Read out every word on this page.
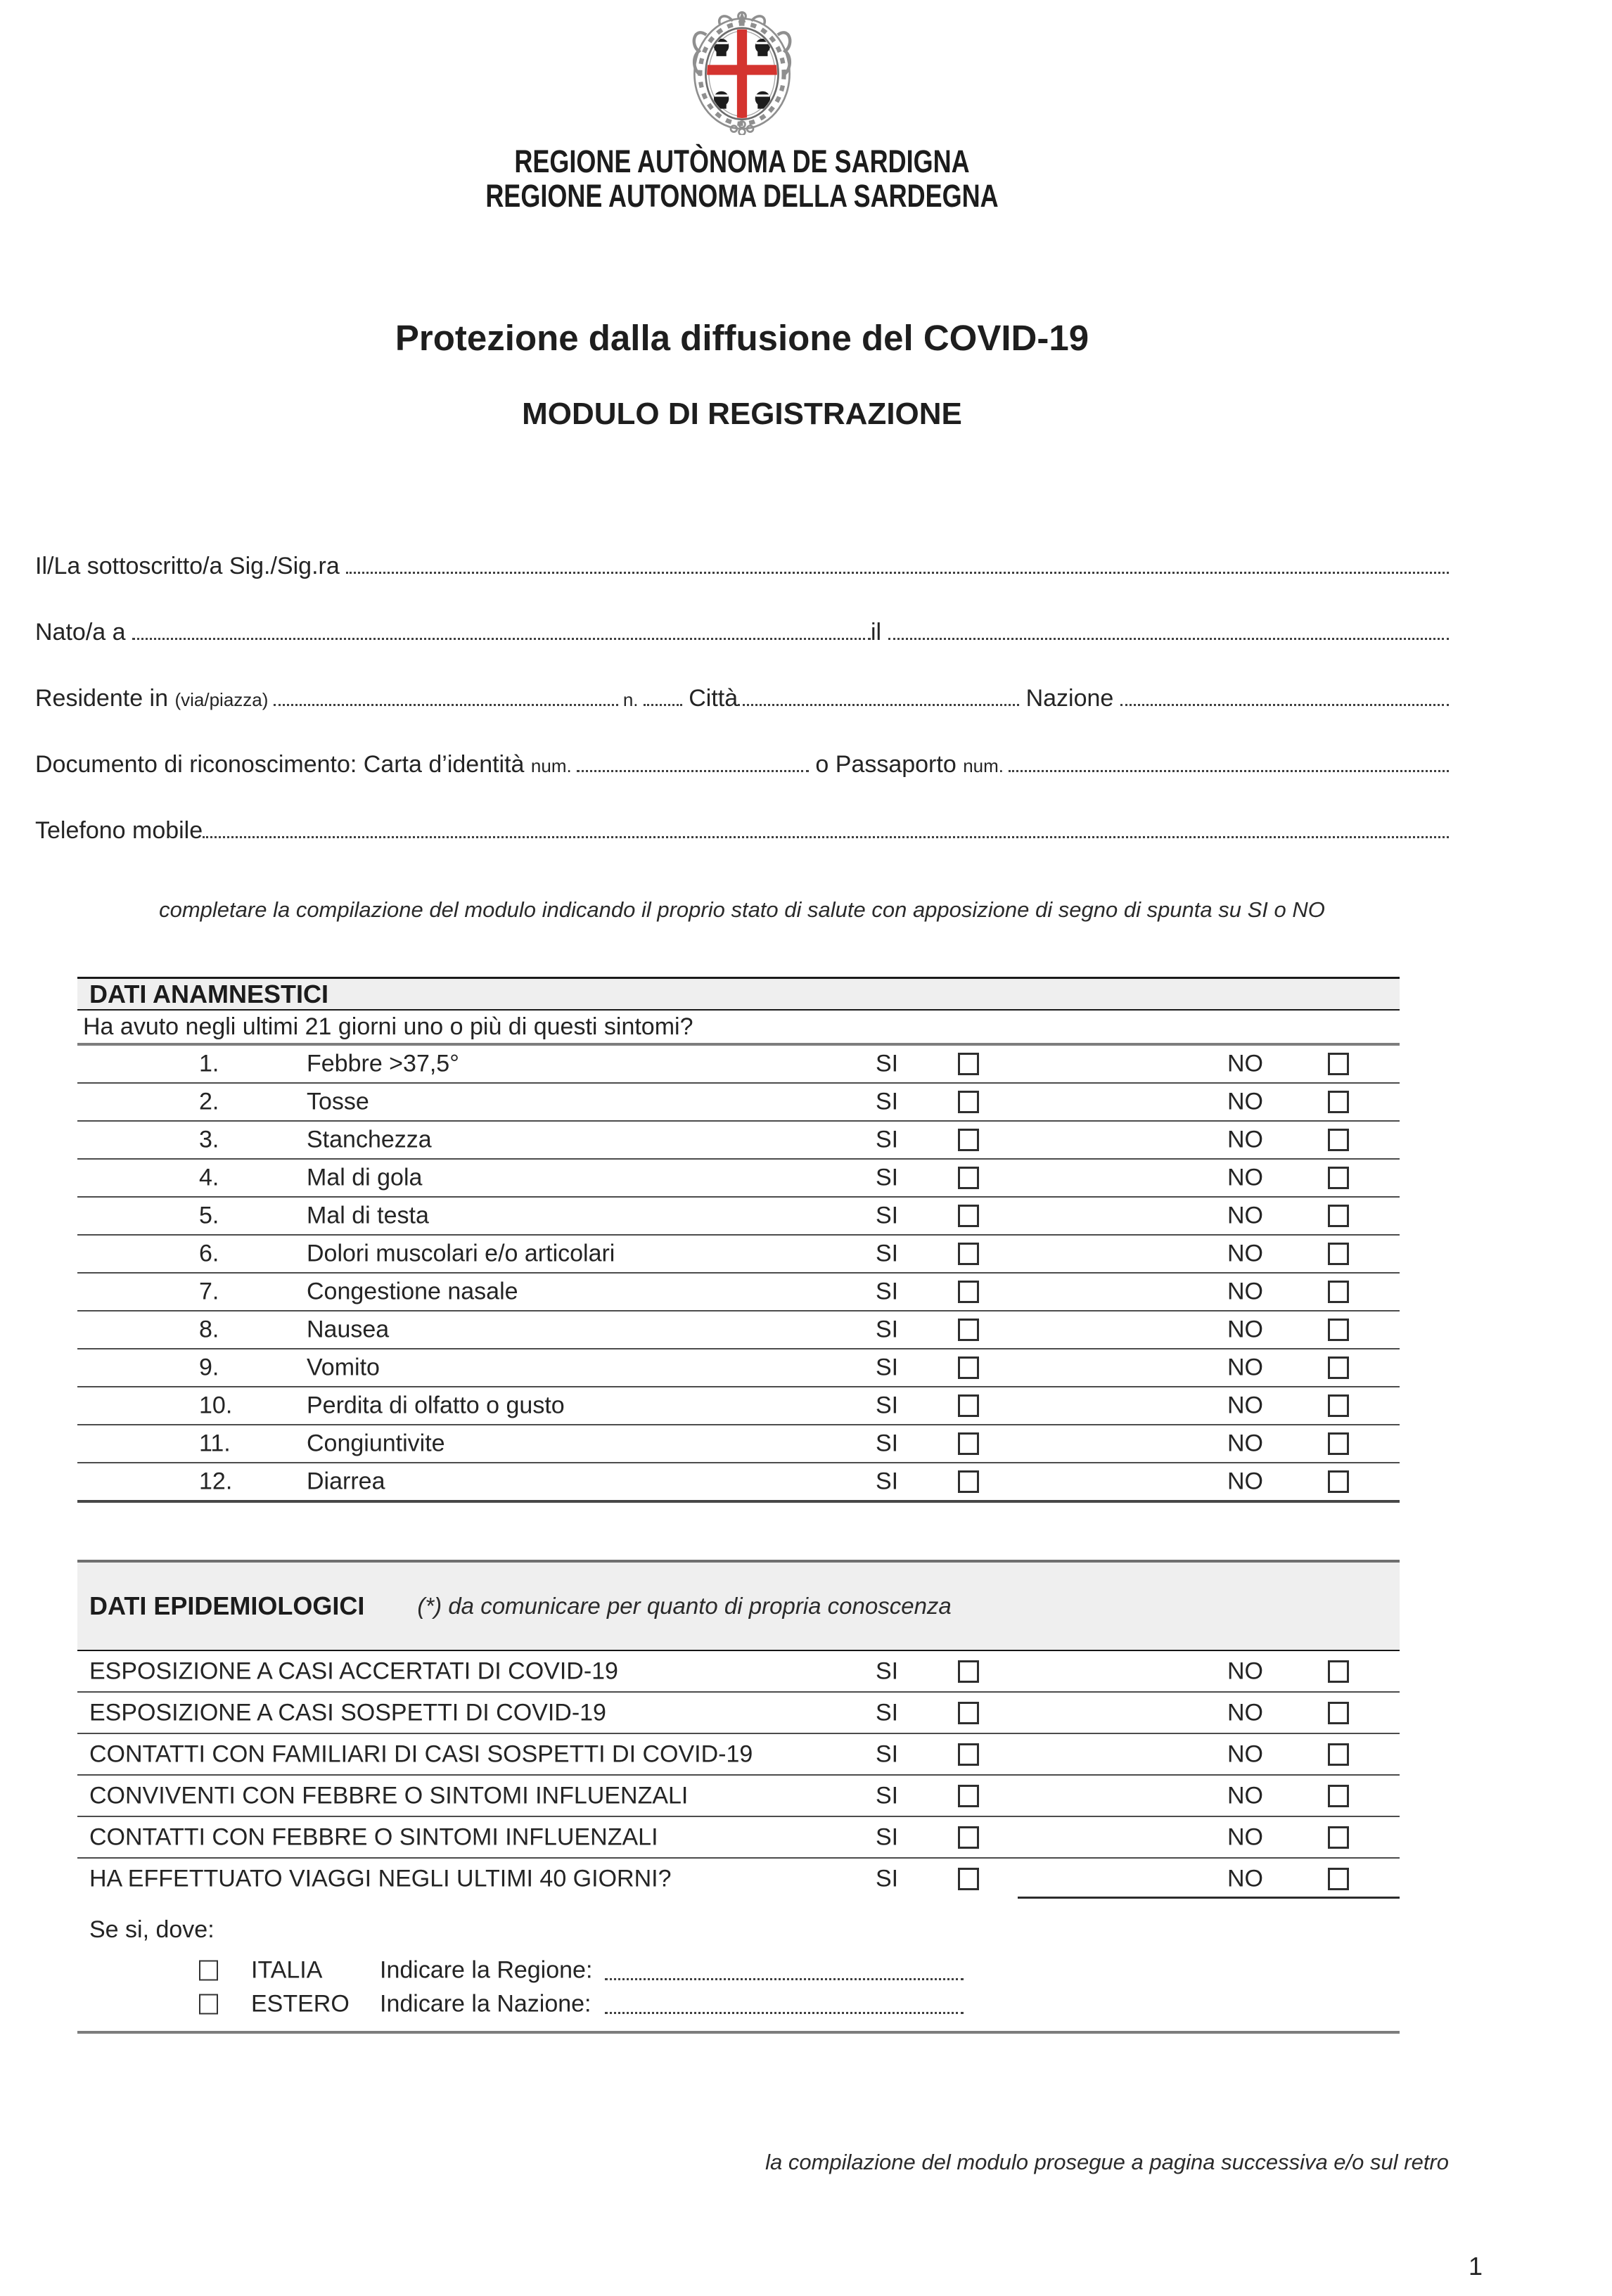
REGIONE AUTÒNOMA DE SARDIGNA
REGIONE AUTONOMA DELLA SARDEGNA
Protezione dalla diffusione del COVID-19
MODULO DI REGISTRAZIONE
Il/La sottoscritto/a Sig./Sig.ra
Nato/a a	il
Residente in (via/piazza)	n. Città	Nazione
Documento di riconoscimento: Carta d’identità num.	o Passaporto num.
Telefono mobile
completare la compilazione del modulo indicando il proprio stato di salute con apposizione di segno di spunta su SI o NO
DATI ANAMNESTICI
Ha avuto negli ultimi 21 giorni uno o più di questi sintomi?
1.	Febbre >37,5°	SI	NO
2.	Tosse	SI	NO
3.	Stanchezza	SI	NO
4.	Mal di gola	SI	NO
5.	Mal di testa	SI	NO
6.	Dolori muscolari e/o articolari	SI	NO
7.	Congestione nasale	SI	NO
8.	Nausea	SI	NO
9.	Vomito	SI	NO
10.	Perdita di olfatto o gusto	SI	NO
11.	Congiuntivite	SI	NO
12.	Diarrea	SI	NO
DATI EPIDEMIOLOGICI (*) da comunicare per quanto di propria conoscenza
ESPOSIZIONE A CASI ACCERTATI DI COVID-19	SI	NO
ESPOSIZIONE A CASI SOSPETTI DI COVID-19	SI	NO
CONTATTI CON FAMILIARI DI CASI SOSPETTI DI COVID-19	SI	NO
CONVIVENTI CON FEBBRE O SINTOMI INFLUENZALI	SI	NO
CONTATTI CON FEBBRE O SINTOMI INFLUENZALI	SI	NO
HA EFFETTUATO VIAGGI NEGLI ULTIMI 40 GIORNI?	SI	NO
Se si, dove:
ITALIA Indicare la Regione:
ESTERO Indicare la Nazione:
la compilazione del modulo prosegue a pagina successiva e/o sul retro
1
